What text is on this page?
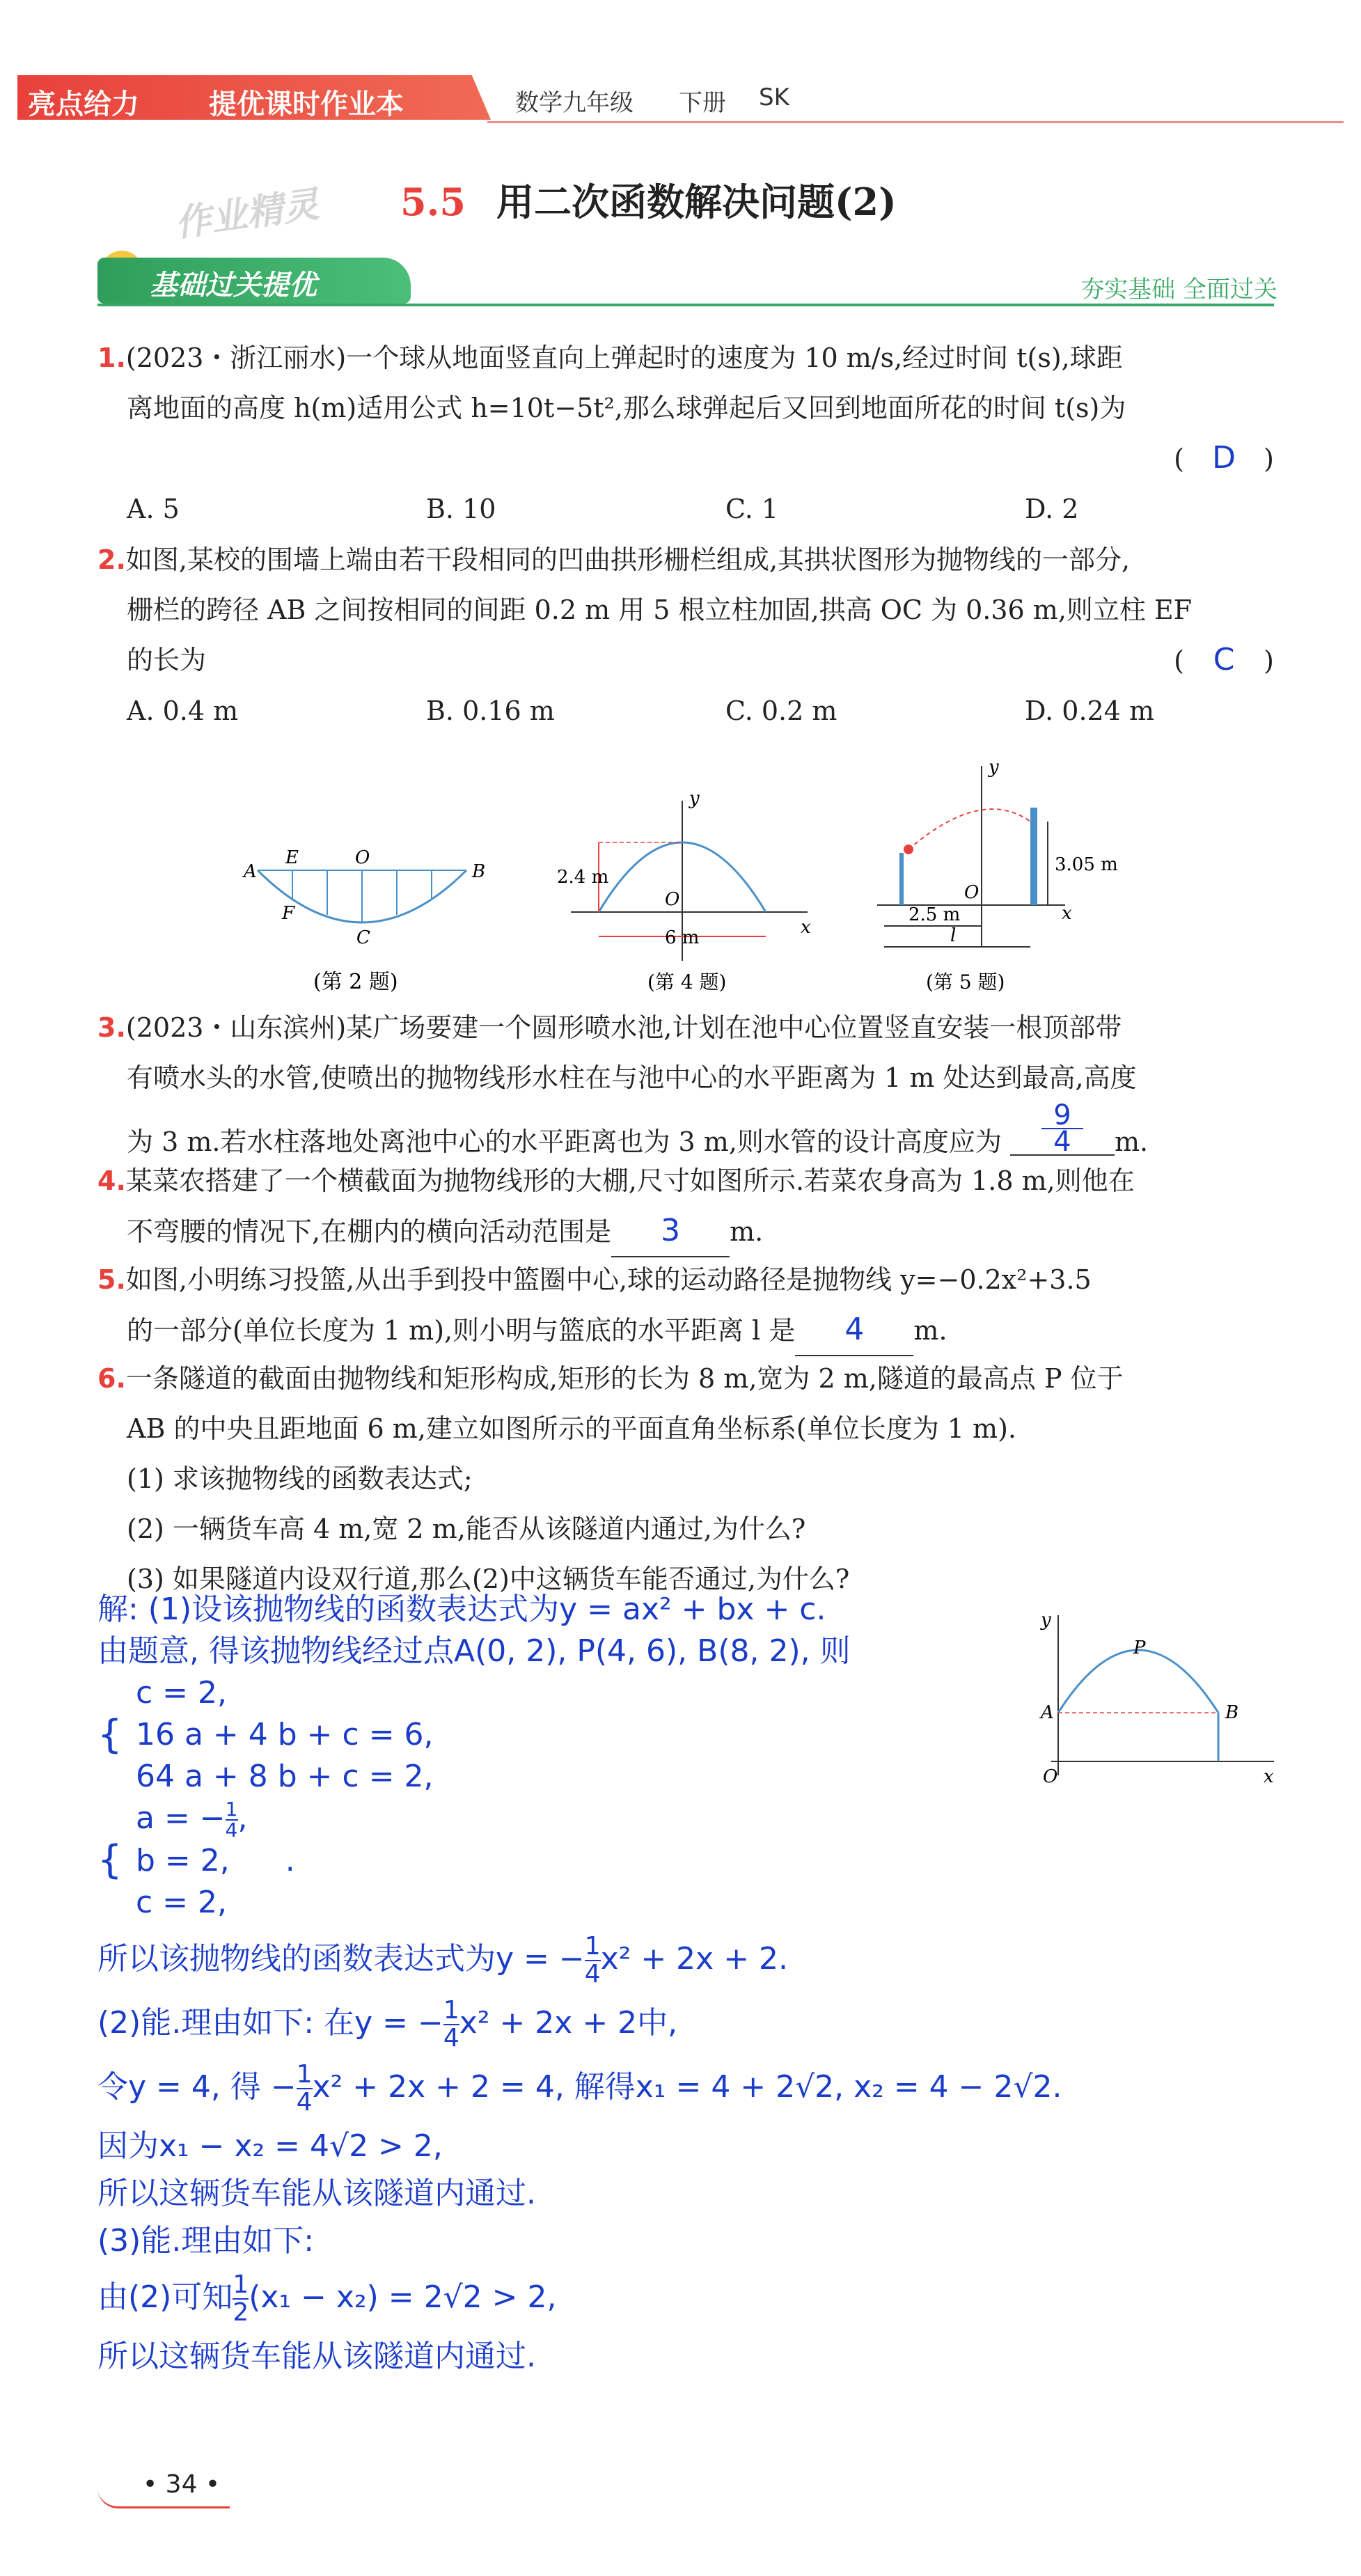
亮点给力	提优课时作业本	数学九年级 下册 SK
作业精灵 5.5 用二次函数解决问题(2)
基础过关提优	夯实基础 全面过关
1.(2023・浙江丽水)一个球从地面竖直向上弹起时的速度为 10 m/s,经过时间 t(s),球距
离地面的高度 h(m)适用公式 h=10t−5t²,那么球弹起后又回到地面所花的时间 t(s)为
( D )
A. 5	B. 10	C. 1	D. 2
2.如图,某校的围墙上端由若干段相同的凹曲拱形栅栏组成,其拱状图形为抛物线的一部分,
栅栏的跨径 AB 之间按相同的间距 0.2 m 用 5 根立柱加固,拱高 OC 为 0.36 m,则立柱 EF
的长为	( C )
A. 0.4 m	B. 0.16 m	C. 0.2 m	D. 0.24 m
A	B
E	O
F
C
(第 2 题)
2.4 m
6 m
y
x
O
(第 4 题)
3.05 m
2.5 m
l
y
x
O
(第 5 题)
3.(2023・山东滨州)某广场要建一个圆形喷水池,计划在池中心位置竖直安装一根顶部带
有喷水头的水管,使喷出的抛物线形水柱在与池中心的水平距离为 1 m 处达到最高,高度
为 3 m.若水柱落地处离池中心的水平距离也为 3 m,则水管的设计高度应为 $\frac{9}{4} m$.
4.某菜农搭建了一个横截面为抛物线形的大棚,尺寸如图所示.若菜农身高为 1.8 m,则他在
不弯腰的情况下,在棚内的横向活动范围是 3 m.
5.如图,小明练习投篮,从出手到投中篮圈中心,球的运动路径是抛物线 y=−0.2x²+3.5
的一部分(单位长度为 1 m),则小明与篮底的水平距离 l 是 4 m.
6.一条隧道的截面由抛物线和矩形构成,矩形的长为 8 m,宽为 2 m,隧道的最高点 P 位于
AB 的中央且距地面 6 m,建立如图所示的平面直角坐标系(单位长度为 1 m).
(1) 求该抛物线的函数表达式;
(2) 一辆货车高 4 m,宽 2 m,能否从该隧道内通过,为什么?
(3) 如果隧道内设双行道,那么(2)中这辆货车能否通过,为什么?
A	B
P
y
x
O
解: (1)设该抛物线的函数表达式为y = ax² + bx + c.
由题意, 得该抛物线经过点A(0, 2), P(4, 6), B(8, 2), 则
c = 2,
{ 16 a + 4 b + c = 6,
64 a + 8 b + c = 2,
{
a = − $\frac{1}{4}$ ,
b = 2, .
c = 2,
所以该抛物线的函数表达式为y = − $\frac{1}{4} x^2 + 2x + 2$.
(2)能.理由如下: 在y = − $\frac{1}{4} x^2 + 2x + 2$中,
令y = 4, 得 − $\frac{1}{4} x^2 + 2x + 2 = 4$, 解得x₁ = 4 + 2√2, x₂ = 4 − 2√2.
因为x₁ − x₂ = 4√2 > 2,
所以这辆货车能从该隧道内通过.
(3)能.理由如下:
由(2)可知 $\frac{1}{2} (x_1 - x_2) = 2√2 > 2$,
所以这辆货车能从该隧道内通过.
• 34 •
